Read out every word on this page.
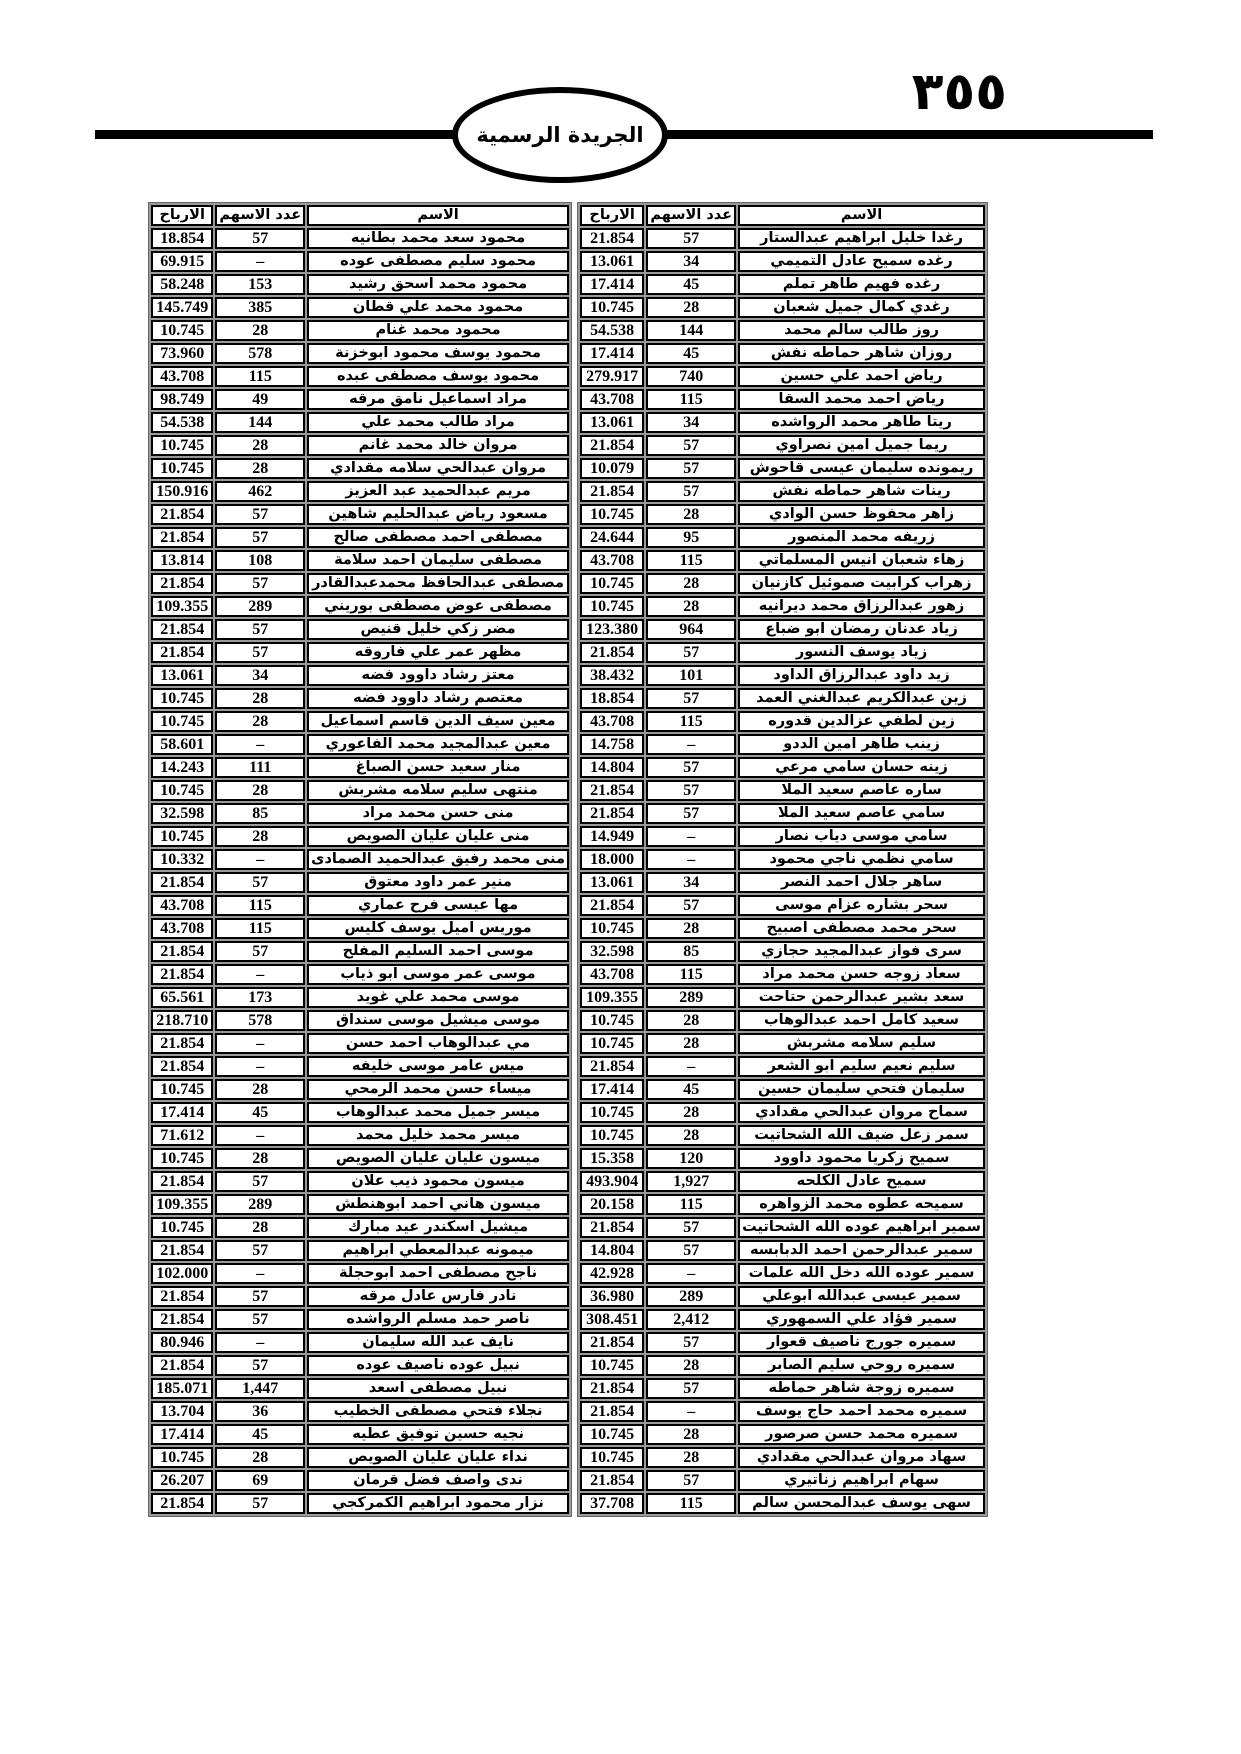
٣٥٥
الجريدة الرسمية
الاسم	عدد الاسهم	الارباح
رغدا خليل ابراهيم عبدالستار	57	21.854
رغده سميح عادل التميمي	34	13.061
رغده فهيم طاهر تملم	45	17.414
رغدي كمال جميل شعبان	28	10.745
روز طالب سالم محمد	144	54.538
روزان شاهر حماطه نفش	45	17.414
رياض احمد علي حسين	740	279.917
رياض احمد محمد السقا	115	43.708
ريتا طاهر محمد الرواشده	34	13.061
ريما جميل امين نصراوي	57	21.854
ريمونده سليمان عيسى قاحوش	57	10.079
رينات شاهر حماطه نفش	57	21.854
زاهر محفوظ حسن الوادي	28	10.745
زريفه محمد المنصور	95	24.644
زهاء شعبان انيس المسلماتي	115	43.708
زهراب كرابيت صموئيل كازنيان	28	10.745
زهور عبدالرزاق محمد ديرانيه	28	10.745
زياد عدنان رمضان ابو ضباع	964	123.380
زياد يوسف النسور	57	21.854
زيد داود عبدالرزاق الداود	101	38.432
زين عبدالكريم عبدالغني العمد	57	18.854
زين لطفي عزالدين قدوره	115	43.708
زينب طاهر امين الددو	–	14.758
زينه حسان سامي مرعي	57	14.804
ساره عاصم سعيد الملا	57	21.854
سامي عاصم سعيد الملا	57	21.854
سامي موسى دياب نصار	–	14.949
سامي نظمي ناجي محمود	–	18.000
ساهر جلال احمد النصر	34	13.061
سحر بشاره عزام موسى	57	21.854
سحر محمد مصطفى اصبيح	28	10.745
سرى فواز عبدالمجيد حجازي	85	32.598
سعاد زوجه حسن محمد مراد	115	43.708
سعد بشير عبدالرحمن حتاحت	289	109.355
سعيد كامل احمد عبدالوهاب	28	10.745
سليم سلامه مشربش	28	10.745
سليم نعيم سليم ابو الشعر	–	21.854
سليمان فتحي سليمان حسين	45	17.414
سماح مروان عبدالحي مقدادي	28	10.745
سمر زعل ضيف الله الشحاتيت	28	10.745
سميح زكريا محمود داوود	120	15.358
سميح عادل الكلحه	1,927	493.904
سميحه عطوه محمد الزواهره	115	20.158
سمير ابراهيم عوده الله الشحاتيت	57	21.854
سمير عبدالرحمن احمد الدبابسه	57	14.804
سمير عوده الله دخل الله علمات	–	42.928
سمير عيسى عبدالله ابوعلي	289	36.980
سمير فؤاد علي السمهوري	2,412	308.451
سميره جورج ناصيف قعوار	57	21.854
سميره روحي سليم الصابر	28	10.745
سميره زوجة شاهر حماطه	57	21.854
سميره محمد احمد حاج يوسف	–	21.854
سميره محمد حسن صرصور	28	10.745
سهاد مروان عبدالحي مقدادي	28	10.745
سهام ابراهيم زناتيري	57	21.854
سهى يوسف عبدالمحسن سالم	115	37.708
الاسم	عدد الاسهم	الارباح
محمود سعد محمد بطانيه	57	18.854
محمود سليم مصطفى عوده	–	69.915
محمود محمد اسحق رشيد	153	58.248
محمود محمد علي قطان	385	145.749
محمود محمد غنام	28	10.745
محمود يوسف محمود ابوخزنة	578	73.960
محمود يوسف مصطفى عبده	115	43.708
مراد اسماعيل نامق مرقه	49	98.749
مراد طالب محمد علي	144	54.538
مروان خالد محمد غانم	28	10.745
مروان عبدالحي سلامه مقدادي	28	10.745
مريم عبدالحميد عبد العزيز	462	150.916
مسعود رياض عبدالحليم شاهين	57	21.854
مصطفى احمد مصطفى صالح	57	21.854
مصطفى سليمان احمد سلامة	108	13.814
مصطفى عبدالحافظ محمدعبدالقادر	57	21.854
مصطفى عوض مصطفى بوريني	289	109.355
مضر زكي خليل قنيص	57	21.854
مظهر عمر علي فاروقه	57	21.854
معتز رشاد داوود فضه	34	13.061
معتصم رشاد داوود فضه	28	10.745
معين سيف الدين قاسم اسماعيل	28	10.745
معين عبدالمجيد محمد الفاعوري	–	58.601
منار سعيد حسن الصباغ	111	14.243
منتهى سليم سلامه مشربش	28	10.745
منى حسن محمد مراد	85	32.598
منى عليان عليان الصويص	28	10.745
منى محمد رفيق عبدالحميد الصمادى	–	10.332
منير عمر داود معتوق	57	21.854
مها عيسى فرح عماري	115	43.708
موريس اميل يوسف كليس	115	43.708
موسى احمد السليم المفلح	57	21.854
موسى عمر موسى ابو ذياب	–	21.854
موسى محمد علي غويد	173	65.561
موسى ميشيل موسى سنداق	578	218.710
مي عبدالوهاب احمد حسن	–	21.854
ميس عامر موسى خليفه	–	21.854
ميساء حسن محمد الرمحي	28	10.745
ميسر جميل محمد عبدالوهاب	45	17.414
ميسر محمد خليل محمد	–	71.612
ميسون عليان عليان الصويص	28	10.745
ميسون محمود ذيب علان	57	21.854
ميسون هاني احمد ابوهنطش	289	109.355
ميشيل اسكندر عيد مبارك	28	10.745
ميمونه عبدالمعطي ابراهيم	57	21.854
ناجح مصطفى احمد ابوحجلة	–	102.000
نادر فارس عادل مرقه	57	21.854
ناصر حمد مسلم الرواشده	57	21.854
نايف عبد الله سليمان	–	80.946
نبيل عوده ناصيف عوده	57	21.854
نبيل مصطفى اسعد	1,447	185.071
نجلاء فتحي مصطفى الخطيب	36	13.704
نجيه حسين توفيق عطيه	45	17.414
نداء عليان عليان الصويص	28	10.745
ندى واصف فضل قرمان	69	26.207
نزار محمود ابراهيم الكمركجي	57	21.854
